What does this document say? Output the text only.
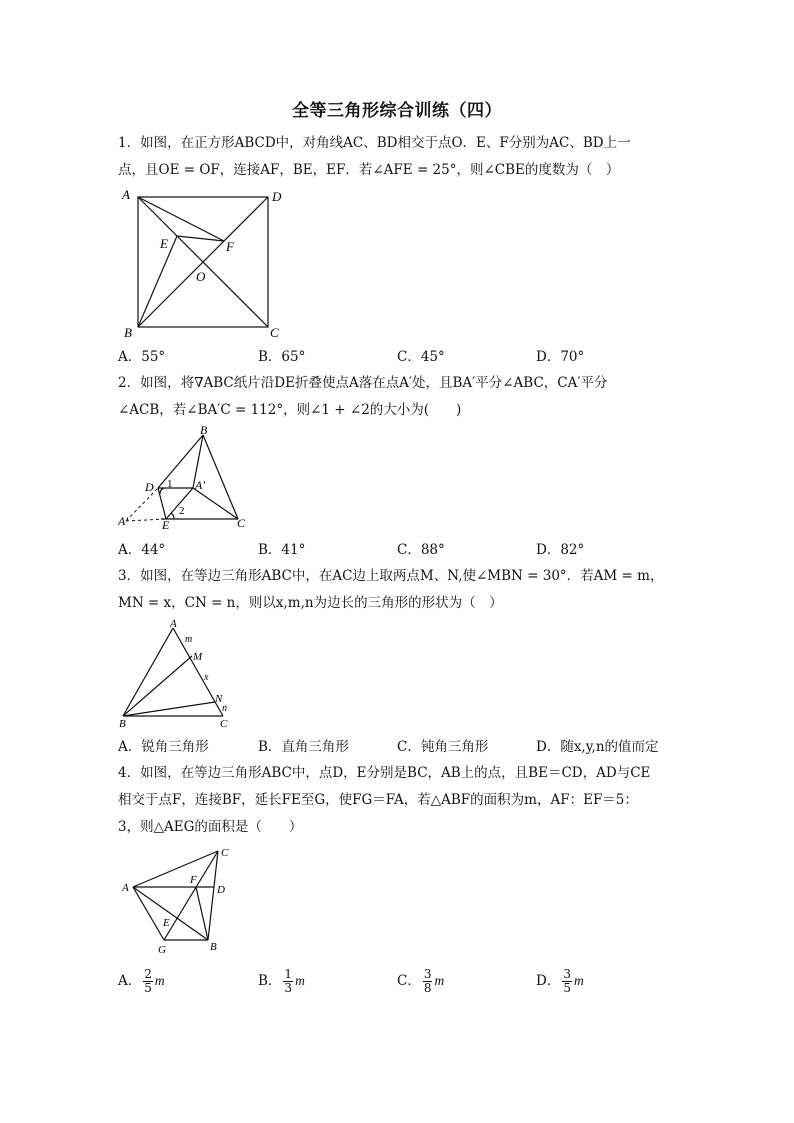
全等三角形综合训练（四）
1．如图，在正方形ABCD中，对角线AC、BD相交于点O．E、F分别为AC、BD上一
点，且OE = OF，连接AF，BE，EF．若∠AFE = 25°，则∠CBE的度数为（　）
A	D
B	C
E	F
O
A．55°	B．65°	C．45°	D．70°
2．如图，将∇ABC纸片沿DE折叠使点A落在点A′处，且BA′平分∠ABC，CA′平分
∠ACB，若∠BA′C = 112°，则∠1 + ∠2的大小为(　　)
B
D 1 A′
2
A′	E	C
A．44°	B．41°	C．88°	D．82°
3．如图，在等边三角形ABC中，在AC边上取两点M、N,使∠MBN = 30°．若AM = m，
MN = x，CN = n，则以x,m,n为边长的三角形的形状为（　）
A
m
M
x
N
n
B	C
A．锐角三角形	B．直角三角形	C．钝角三角形	D．随x,y,n的值而定
4．如图，在等边三角形ABC中，点D，E分别是BC，AB上的点，且BE＝CD，AD与CE
相交于点F，连接BF，延长FE至G，使FG＝FA，若△ABF的面积为m，AF：EF＝5：
3，则△AEG的面积是（　　）
C
A
F
D
E
G	B
A． $\frac{2}{5}$ m	B． $\frac{1}{3}$ m	C． $\frac{3}{8}$ m	D． $\frac{3}{5}$ m
